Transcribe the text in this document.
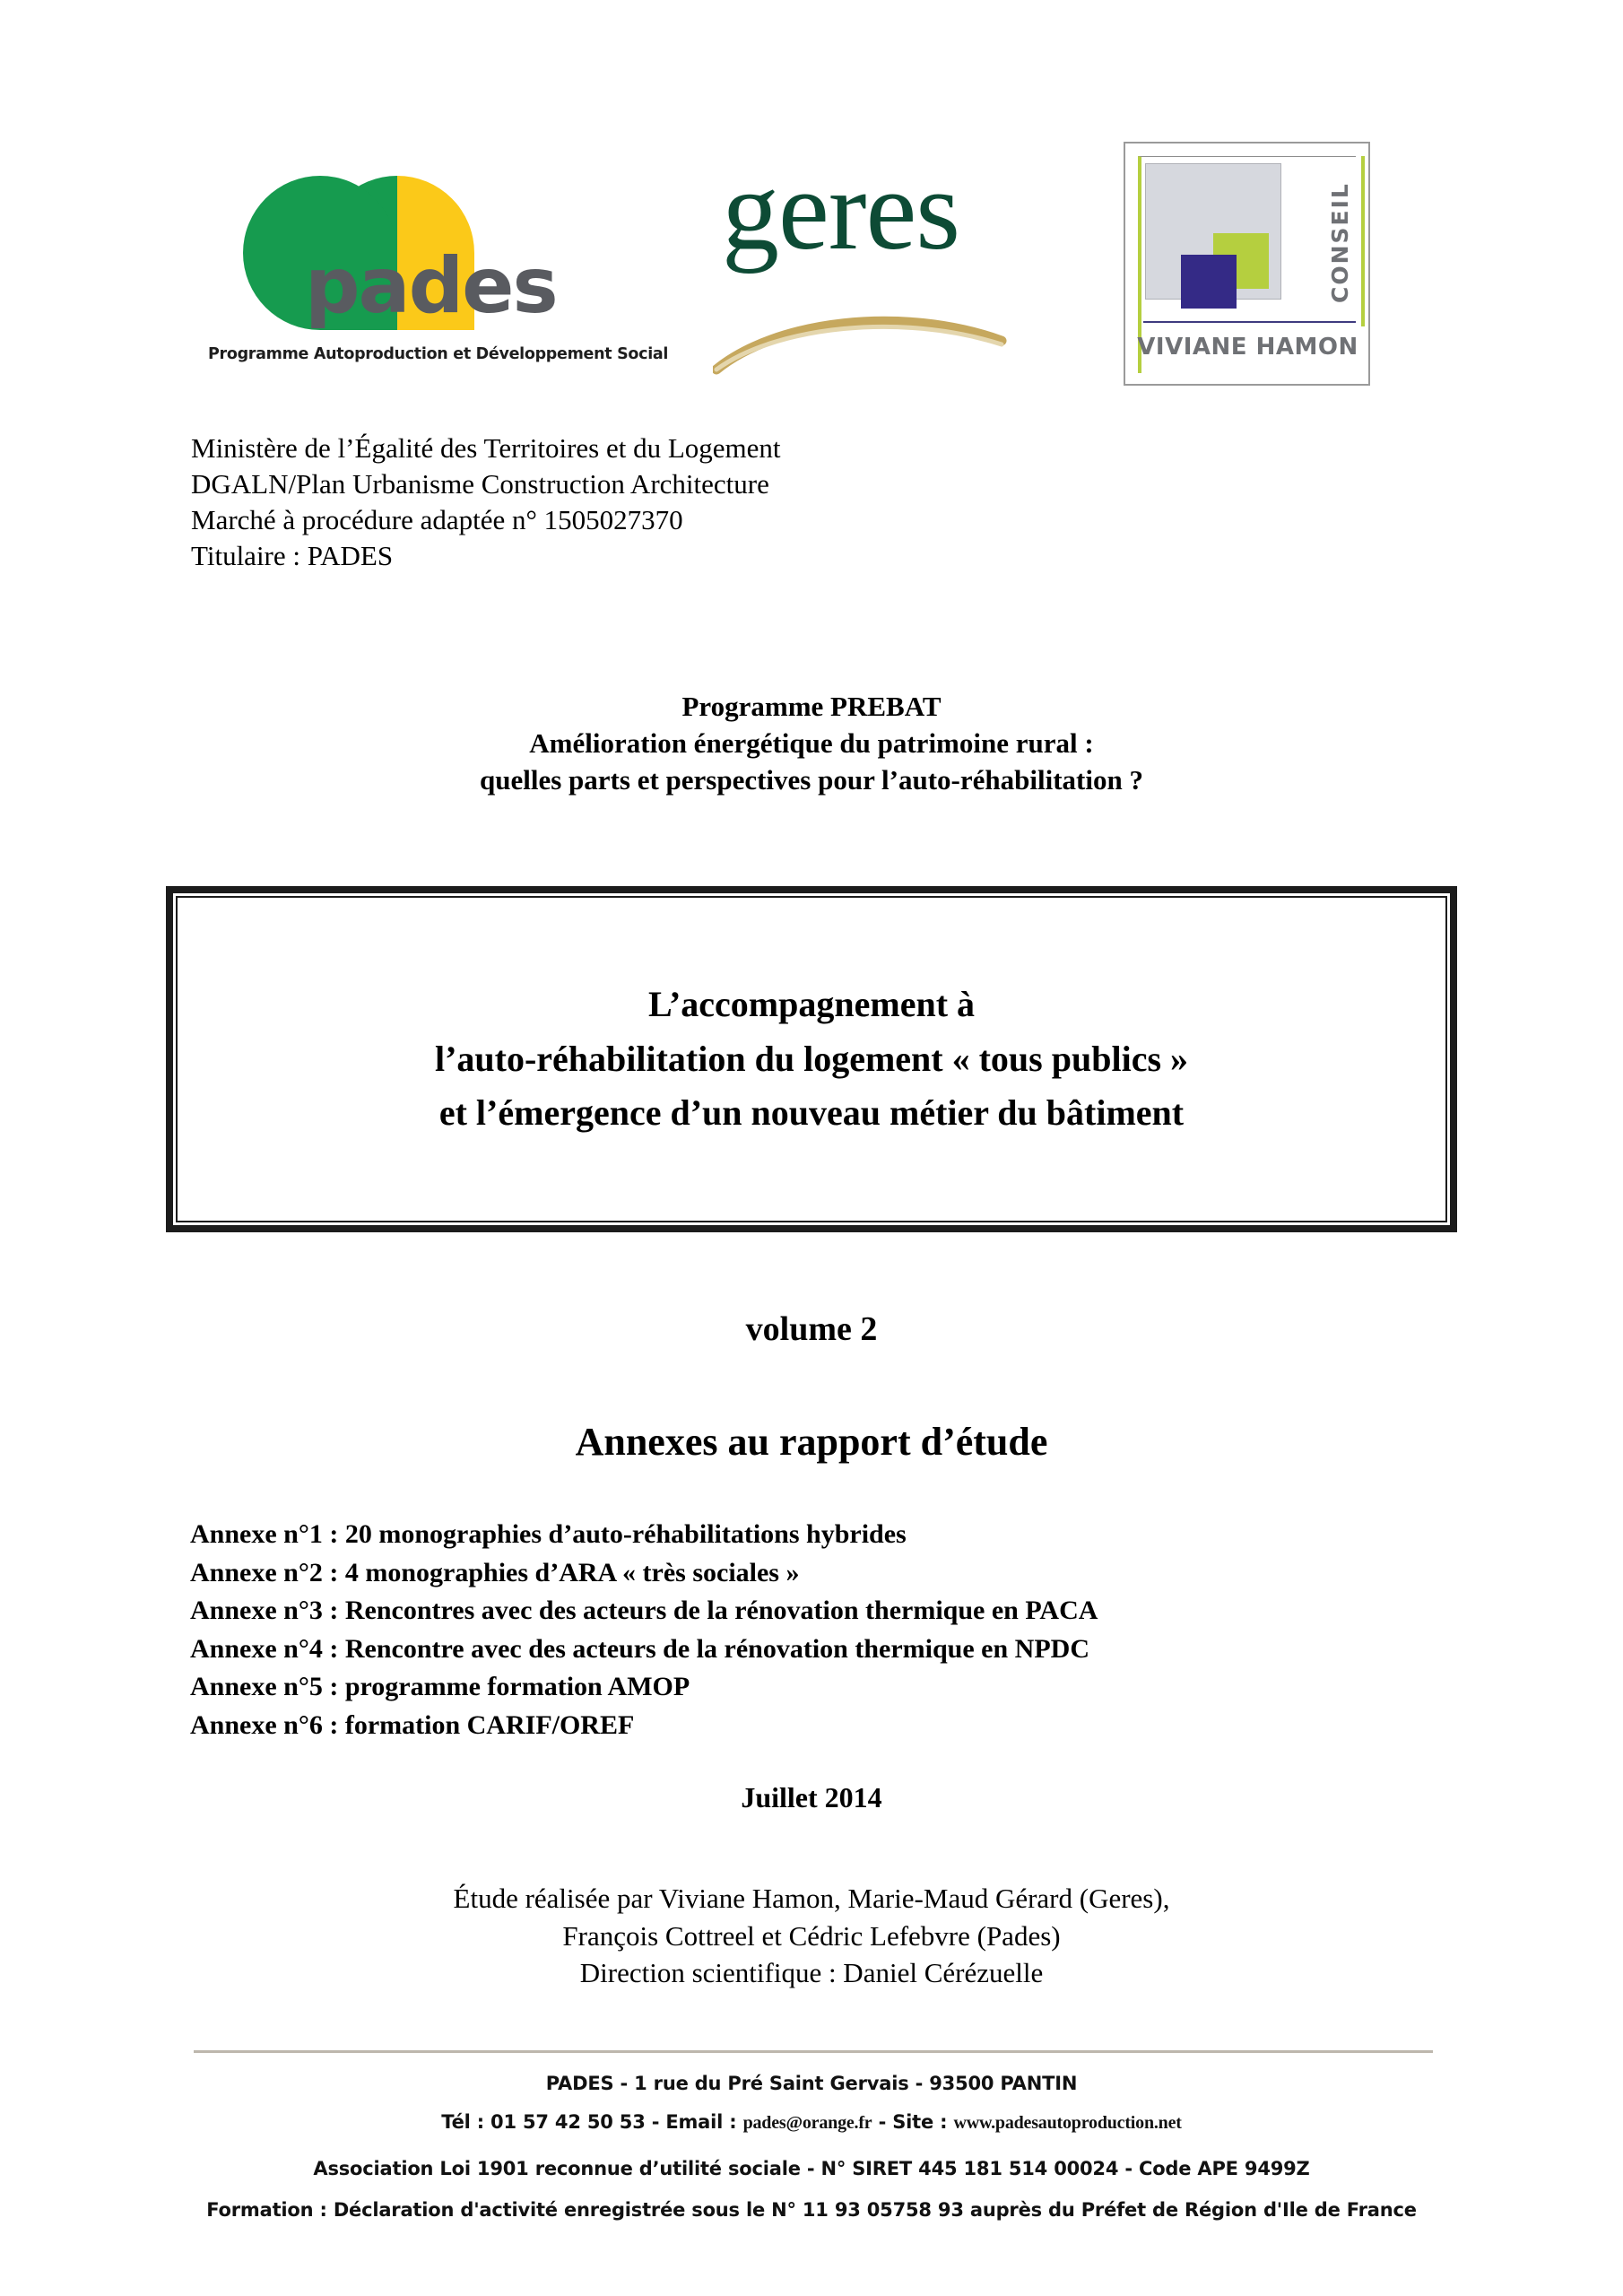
pades
Programme Autoproduction et Développement Social
geres	CONSEIL
VIVIANE HAMON
Ministère de l’Égalité des Territoires et du Logement
DGALN/Plan Urbanisme Construction Architecture
Marché à procédure adaptée n° 1505027370
Titulaire : PADES
Programme PREBAT
Amélioration énergétique du patrimoine rural :
quelles parts et perspectives pour l’auto-réhabilitation ?
L’accompagnement à
l’auto-réhabilitation du logement « tous publics »
et l’émergence d’un nouveau métier du bâtiment
volume 2
Annexes au rapport d’étude
Annexe n°1 : 20 monographies d’auto-réhabilitations hybrides
Annexe n°2 : 4 monographies d’ARA « très sociales »
Annexe n°3 : Rencontres avec des acteurs de la rénovation thermique en PACA
Annexe n°4 : Rencontre avec des acteurs de la rénovation thermique en NPDC
Annexe n°5 : programme formation AMOP
Annexe n°6 : formation CARIF/OREF
Juillet 2014
Étude réalisée par Viviane Hamon, Marie-Maud Gérard (Geres),
François Cottreel et Cédric Lefebvre (Pades)
Direction scientifique : Daniel Cérézuelle
PADES - 1 rue du Pré Saint Gervais - 93500 PANTIN
Tél : 01 57 42 50 53 - Email : pades@orange.fr - Site : www.padesautoproduction.net
Association Loi 1901 reconnue d’utilité sociale - N° SIRET 445 181 514 00024 - Code APE 9499Z
Formation : Déclaration d'activité enregistrée sous le N° 11 93 05758 93 auprès du Préfet de Région d'Ile de France
